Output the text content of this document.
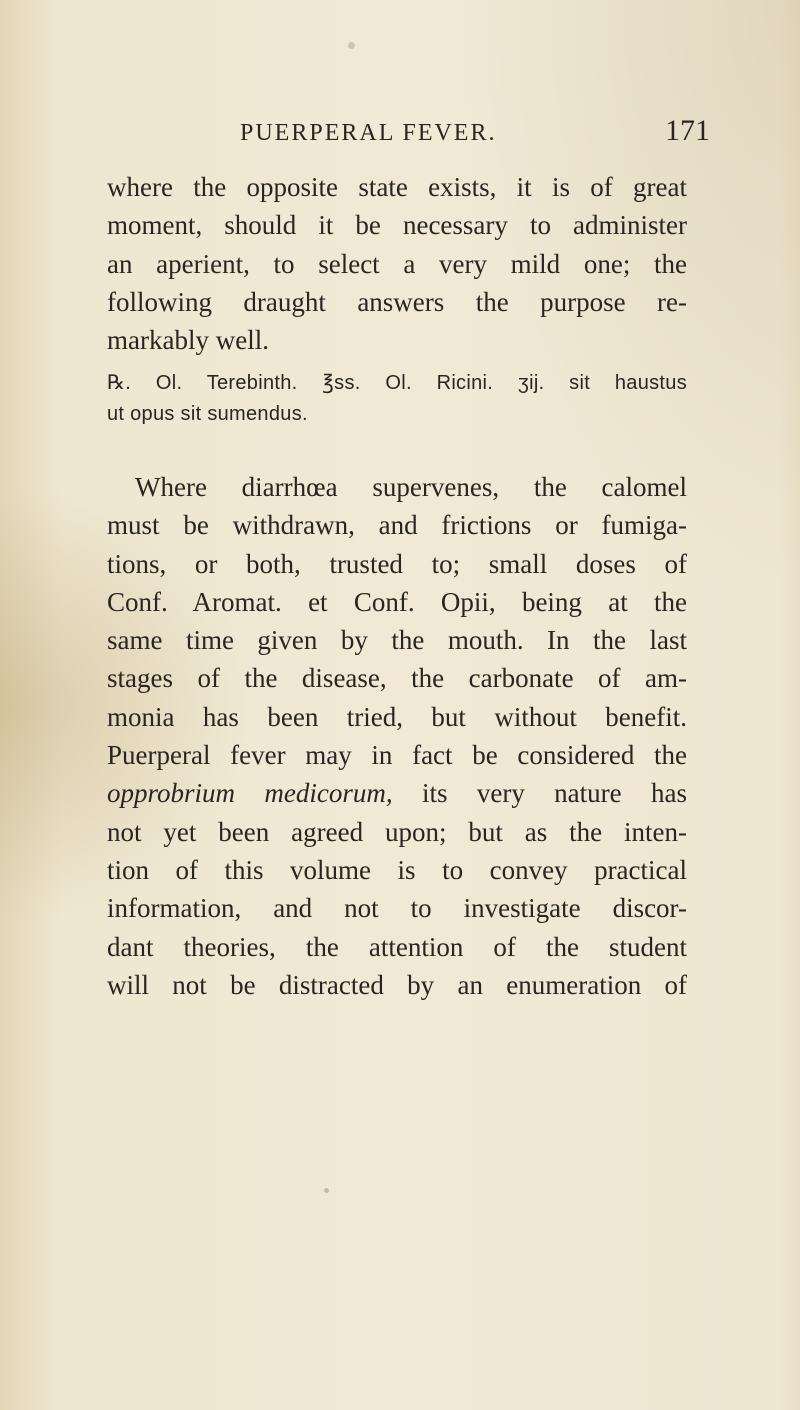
PUERPERAL FEVER.	171

where the opposite state exists, it is of great
moment, should it be necessary to administer
an aperient, to select a very mild one; the
following draught answers the purpose re-
markably well.

℞. Ol. Terebinth. ℥ss. Ol. Ricini. ʒij. sit haustus
ut opus sit sumendus.

Where diarrhœa supervenes, the calomel
must be withdrawn, and frictions or fumiga-
tions, or both, trusted to; small doses of
Conf. Aromat. et Conf. Opii, being at the
same time given by the mouth. In the last
stages of the disease, the carbonate of am-
monia has been tried, but without benefit.
Puerperal fever may in fact be considered the
opprobrium medicorum, its very nature has
not yet been agreed upon; but as the inten-
tion of this volume is to convey practical
information, and not to investigate discor-
dant theories, the attention of the student
will not be distracted by an enumeration of
